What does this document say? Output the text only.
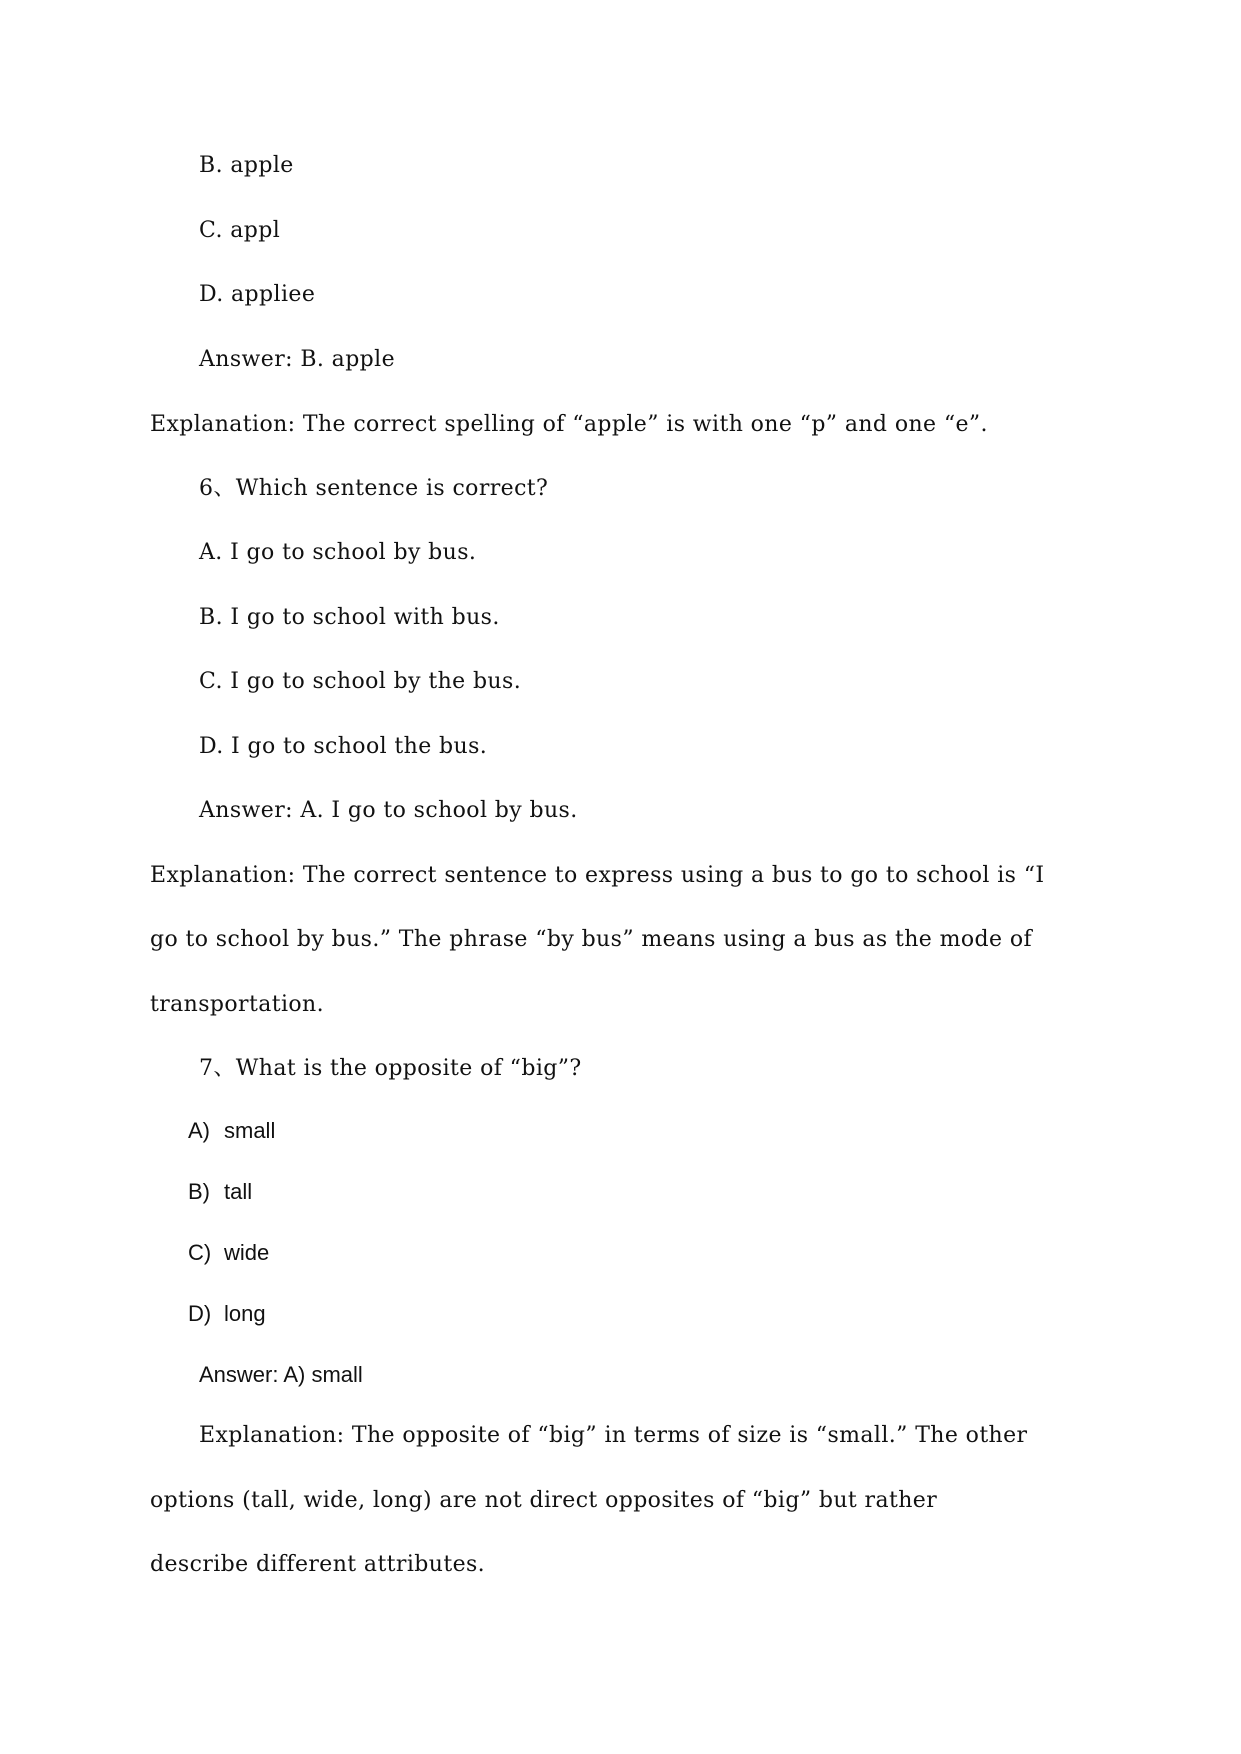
B. apple
C. appl
D. appliee
Answer: B. apple
Explanation: The correct spelling of “apple” is with one “p” and one “e”.
6、Which sentence is correct?
A. I go to school by bus.
B. I go to school with bus.
C. I go to school by the bus.
D. I go to school the bus.
Answer: A. I go to school by bus.
Explanation: The correct sentence to express using a bus to go to school is “I
go to school by bus.” The phrase “by bus” means using a bus as the mode of
transportation.
7、What is the opposite of “big”?
A) small
B) tall
C) wide
D) long
Answer: A) small
Explanation: The opposite of “big” in terms of size is “small.” The other
options (tall, wide, long) are not direct opposites of “big” but rather
describe different attributes.
